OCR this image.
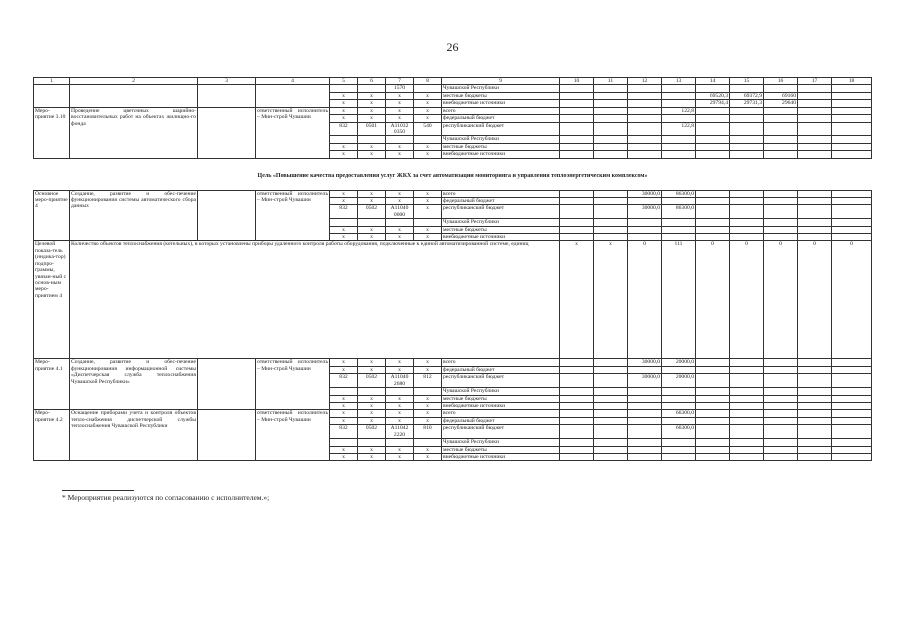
26
1	2	3	4	5	6	7	8	9	10	11	12	13	14	15	16	17	18
						1570		Чувашской Республики									
				x	x	x	x	местные бюджеты					69520,3	69372,9	69160		
				x	x	x	x	внебюджетные источники					29794,4	29731,3	29640		
Меро-приятие 3.10	Проведение цветочных шарийно-восстановительных работ на объектах жилищно-го фонда		ответственный исполнитель – Мин-строй Чувашии	x	x	x	x	всего				122,8					
				x	x	x	x	федеральный бюджет									
				832	0501	А11032 0350	540	республиканский бюджет				122,8					
								Чувашской Республики									
				x	x	x	x	местные бюджеты									
				x	x	x	x	внебюджетные источники									
Цель «Повышение качества предоставления услуг ЖКХ за счет автоматизации мониторинга и управления теплоэнергетическим комплексом»																	
Основное меро-приятие 4	Создание, развитие и обес-печение функционирования системы автоматического сбора данных		ответственный исполнитель – Мин-строй Чувашии	x	x	x	x	всего			30000,0	86300,0					
				x	x	x	x	федеральный бюджет									
				832	0502	А11040 0000	x	республиканский бюджет			30000,0	86300,0					
								Чувашской Республики									
				x	x	x	x	местные бюджеты									
				x	x	x	x	внебюджетные источники									
Целевой показа-тель (индика-тор) подпро-граммы, увязан-ный с основ-ным меро-приятием 4	Количество объектов теплоснабжения (котельных), в которых установлены приборы удаленного контроля работы оборудования, подключенные к единой автоматизированной системе, единиц								x	x	0	111	0	0	0	0	0
Меро-приятие 4.1	Создание, развитие и обес-печение функционирования информационной системы «Диспетчерская служба теплоснабжения Чувашской Республики»		ответственный исполнитель – Мин-строй Чувашии	x	x	x	x	всего			30000,0	20000,0					
				x	x	x	x	федеральный бюджет									
				832	0502	А11040 2680	812	республиканский бюджет			30000,0	20000,0					
								Чувашской Республики									
				x	x	x	x	местные бюджеты									
				x	x	x	x	внебюджетные источники									
Меро-приятие 4.2	Оснащение приборами учета и контроля объектов тепло-снабжения диспетчерской службы теплоснабжения Чувашской Республики		ответственный исполнитель – Мин-строй Чувашии	x	x	x	x	всего				66300,0					
				x	x	x	x	федеральный бюджет									
				832	0502	А11042 2220	810	республиканский бюджет				66300,0					
								Чувашской Республики									
				x	x	x	x	местные бюджеты									
				x	x	x	x	внебюджетные источники									
* Мероприятия реализуются по согласованию с исполнителем.»;
